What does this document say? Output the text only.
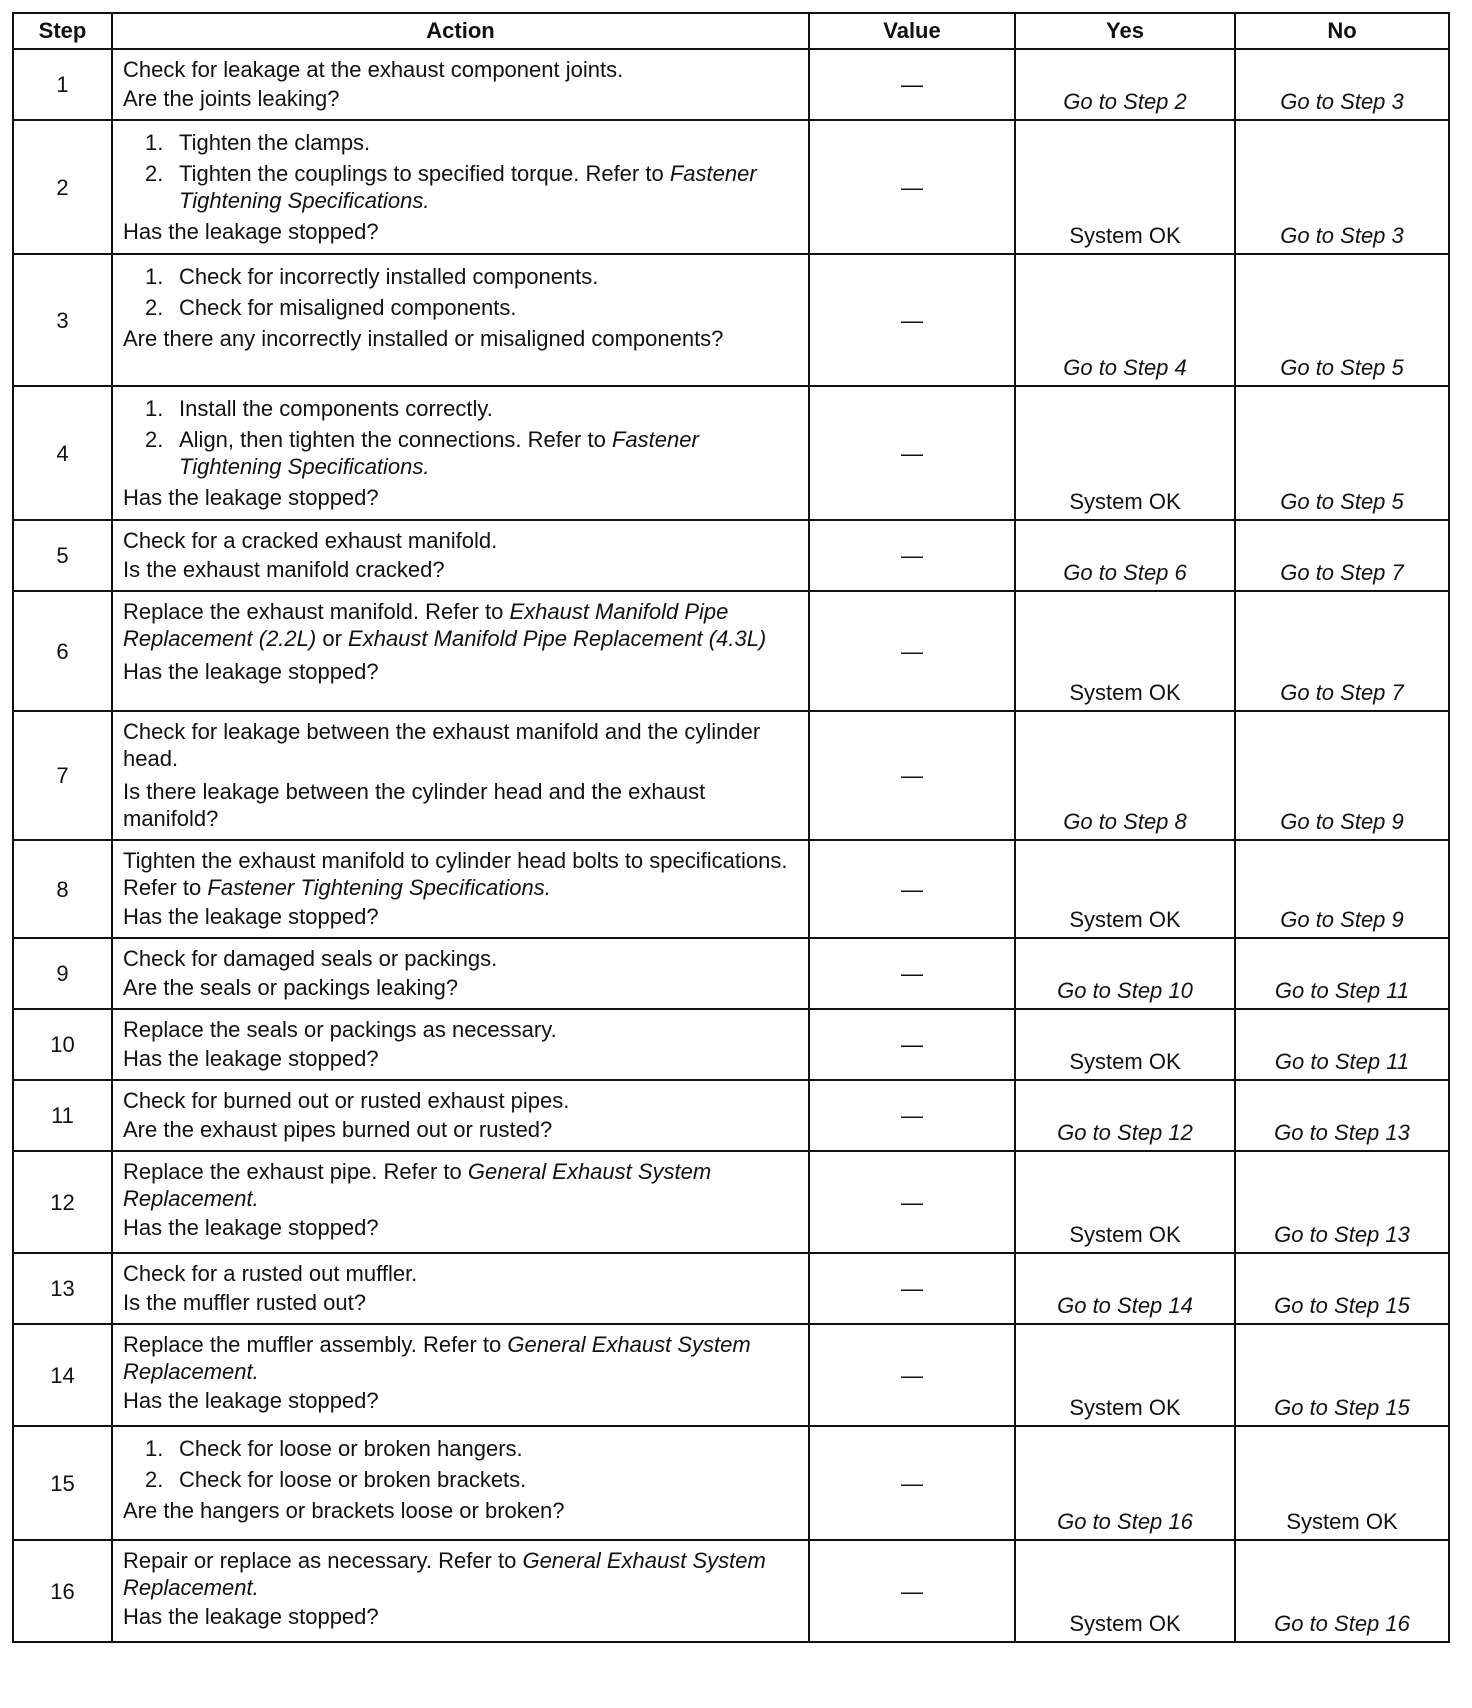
Step	Action	Value	Yes	No
1	Check for leakage at the exhaust component joints.
Are the joints leaking?	—	Go to Step 2	Go to Step 3
2	1. Tighten the clamps.
2. Tighten the couplings to specified torque. Refer to Fastener Tightening Specifications.
Has the leakage stopped?	—	System OK	Go to Step 3
3	1. Check for incorrectly installed components.
2. Check for misaligned components.
Are there any incorrectly installed or misaligned components?	—	Go to Step 4	Go to Step 5
4	1. Install the components correctly.
2. Align, then tighten the connections. Refer to Fastener Tightening Specifications.
Has the leakage stopped?	—	System OK	Go to Step 5
5	Check for a cracked exhaust manifold.
Is the exhaust manifold cracked?	—	Go to Step 6	Go to Step 7
6	Replace the exhaust manifold. Refer to Exhaust Manifold Pipe Replacement (2.2L) or Exhaust Manifold Pipe Replacement (4.3L)
Has the leakage stopped?	—	System OK	Go to Step 7
7	Check for leakage between the exhaust manifold and the cylinder head.
Is there leakage between the cylinder head and the exhaust manifold?	—	Go to Step 8	Go to Step 9
8	Tighten the exhaust manifold to cylinder head bolts to specifications. Refer to Fastener Tightening Specifications.
Has the leakage stopped?	—	System OK	Go to Step 9
9	Check for damaged seals or packings.
Are the seals or packings leaking?	—	Go to Step 10	Go to Step 11
10	Replace the seals or packings as necessary.
Has the leakage stopped?	—	System OK	Go to Step 11
11	Check for burned out or rusted exhaust pipes.
Are the exhaust pipes burned out or rusted?	—	Go to Step 12	Go to Step 13
12	Replace the exhaust pipe. Refer to General Exhaust System Replacement.
Has the leakage stopped?	—	System OK	Go to Step 13
13	Check for a rusted out muffler.
Is the muffler rusted out?	—	Go to Step 14	Go to Step 15
14	Replace the muffler assembly. Refer to General Exhaust System Replacement.
Has the leakage stopped?	—	System OK	Go to Step 15
15	1. Check for loose or broken hangers.
2. Check for loose or broken brackets.
Are the hangers or brackets loose or broken?	—	Go to Step 16	System OK
16	Repair or replace as necessary. Refer to General Exhaust System Replacement.
Has the leakage stopped?	—	System OK	Go to Step 16
